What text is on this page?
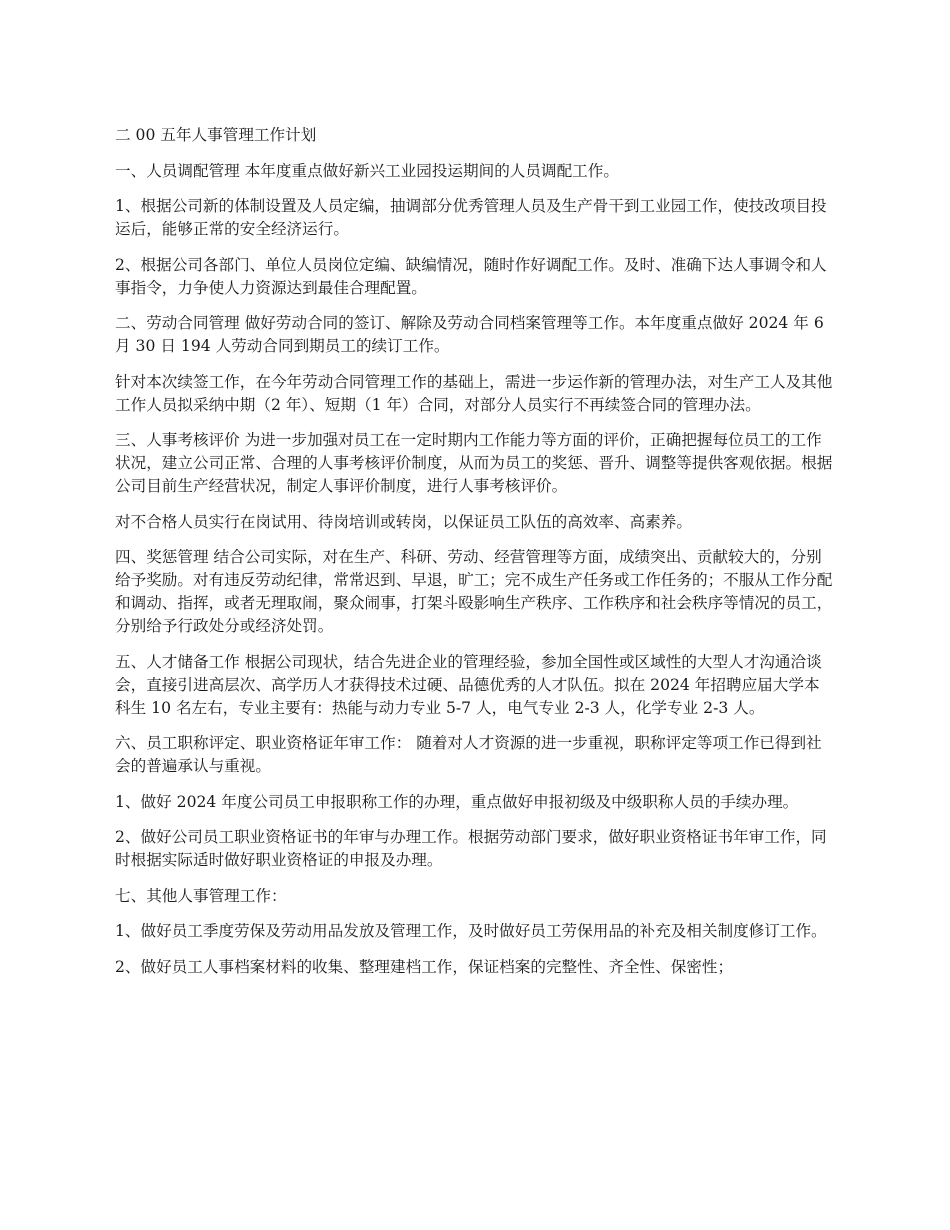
二 00 五年人事管理工作计划

一、人员调配管理 本年度重点做好新兴工业园投运期间的人员调配工作。

1、根据公司新的体制设置及人员定编，抽调部分优秀管理人员及生产骨干到工业园工作，使技改项目投运后，能够正常的安全经济运行。

2、根据公司各部门、单位人员岗位定编、缺编情况，随时作好调配工作。及时、准确下达人事调令和人事指令，力争使人力资源达到最佳合理配置。

二、劳动合同管理 做好劳动合同的签订、解除及劳动合同档案管理等工作。本年度重点做好 2024 年 6 月 30 日 194 人劳动合同到期员工的续订工作。

针对本次续签工作，在今年劳动合同管理工作的基础上，需进一步运作新的管理办法，对生产工人及其他工作人员拟采纳中期（2 年）、短期（1 年）合同，对部分人员实行不再续签合同的管理办法。

三、人事考核评价 为进一步加强对员工在一定时期内工作能力等方面的评价，正确把握每位员工的工作状况，建立公司正常、合理的人事考核评价制度，从而为员工的奖惩、晋升、调整等提供客观依据。根据公司目前生产经营状况，制定人事评价制度，进行人事考核评价。

对不合格人员实行在岗试用、待岗培训或转岗，以保证员工队伍的高效率、高素养。

四、奖惩管理 结合公司实际，对在生产、科研、劳动、经营管理等方面，成绩突出、贡献较大的，分别给予奖励。对有违反劳动纪律，常常迟到、早退，旷工；完不成生产任务或工作任务的；不服从工作分配和调动、指挥，或者无理取闹，聚众闹事，打架斗殴影响生产秩序、工作秩序和社会秩序等情况的员工，分别给予行政处分或经济处罚。

五、人才储备工作 根据公司现状，结合先进企业的管理经验，参加全国性或区域性的大型人才沟通洽谈会，直接引进高层次、高学历人才获得技术过硬、品德优秀的人才队伍。拟在 2024 年招聘应届大学本科生 10 名左右，专业主要有：热能与动力专业 5-7 人，电气专业 2-3 人，化学专业 2-3 人。

六、员工职称评定、职业资格证年审工作： 随着对人才资源的进一步重视，职称评定等项工作已得到社会的普遍承认与重视。

1、做好 2024 年度公司员工申报职称工作的办理，重点做好申报初级及中级职称人员的手续办理。

2、做好公司员工职业资格证书的年审与办理工作。根据劳动部门要求，做好职业资格证书年审工作，同时根据实际适时做好职业资格证的申报及办理。

七、其他人事管理工作：

1、做好员工季度劳保及劳动用品发放及管理工作，及时做好员工劳保用品的补充及相关制度修订工作。

2、做好员工人事档案材料的收集、整理建档工作，保证档案的完整性、齐全性、保密性；
